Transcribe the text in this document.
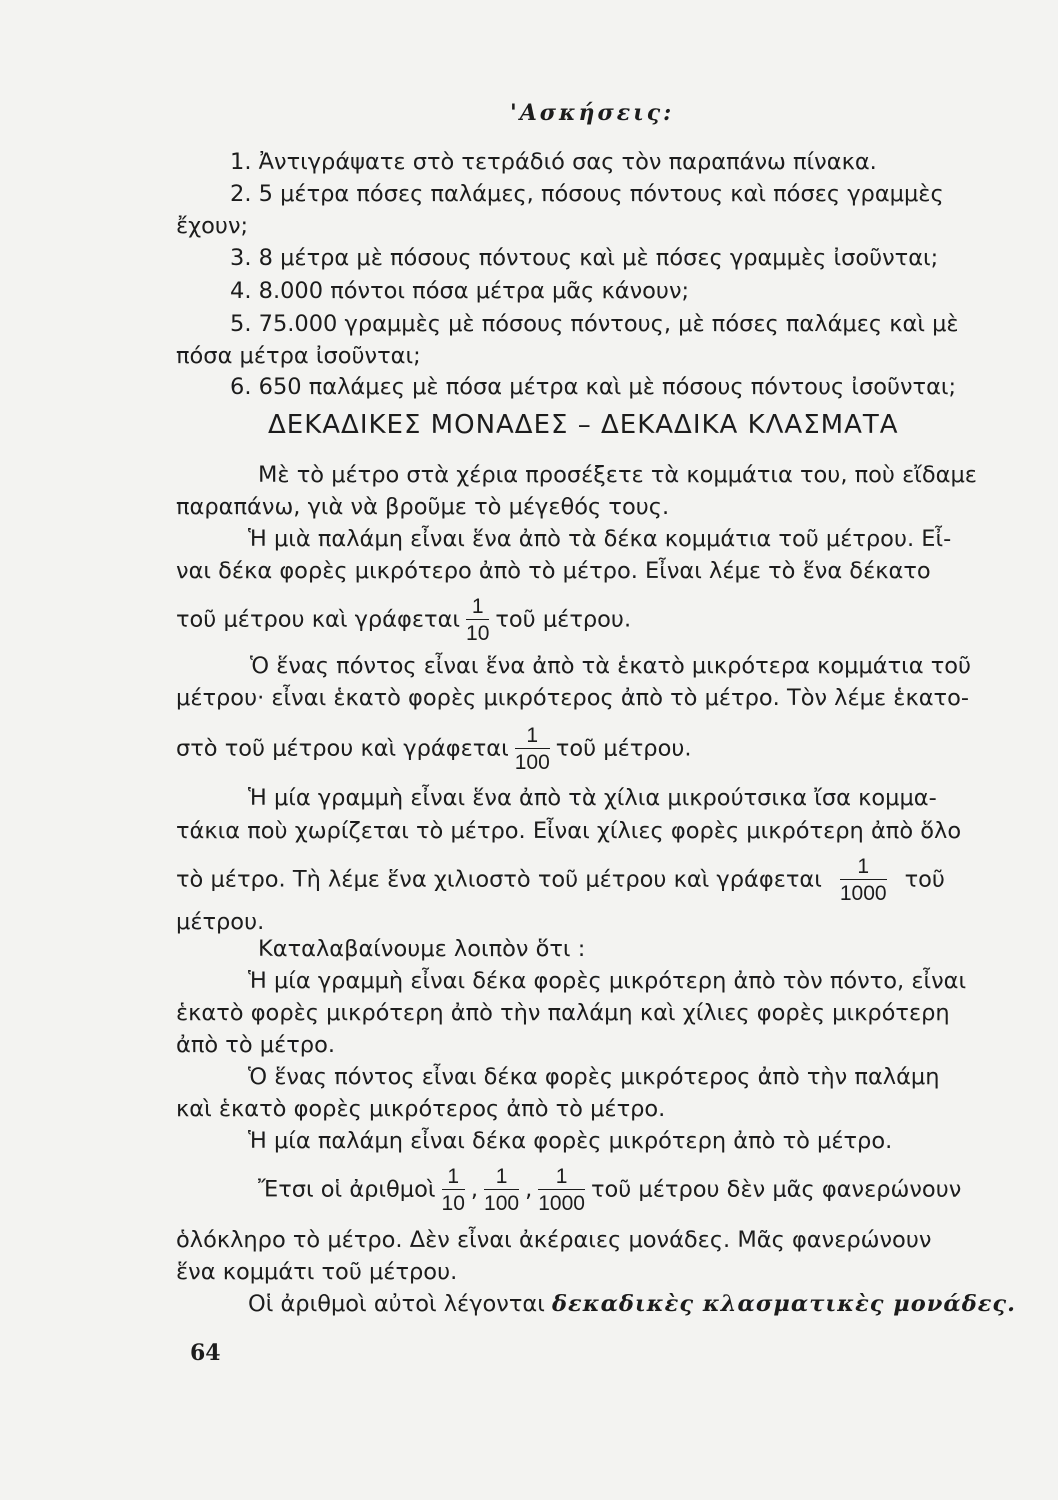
'Ασκήσεις:
1. Ἀντιγράψατε στὸ τετράδιό σας τὸν παραπάνω πίνακα.
2. 5 μέτρα πόσες παλάμες, πόσους πόντους καὶ πόσες γραμμὲς
ἔχουν;
3. 8 μέτρα μὲ πόσους πόντους καὶ μὲ πόσες γραμμὲς ἰσοῦνται;
4. 8.000 πόντοι πόσα μέτρα μᾶς κάνουν;
5. 75.000 γραμμὲς μὲ πόσους πόντους, μὲ πόσες παλάμες καὶ μὲ
πόσα μέτρα ἰσοῦνται;
6. 650 παλάμες μὲ πόσα μέτρα καὶ μὲ πόσους πόντους ἰσοῦνται;
ΔΕΚΑΔΙΚΕΣ ΜΟΝΑΔΕΣ – ΔΕΚΑΔΙΚΑ ΚΛΑΣΜΑΤΑ
Μὲ τὸ μέτρο στὰ χέρια προσέξετε τὰ κομμάτια του, ποὺ εἴδαμε
παραπάνω, γιὰ νὰ βροῦμε τὸ μέγεθός τους.
Ἡ μιὰ παλάμη εἶναι ἕνα ἀπὸ τὰ δέκα κομμάτια τοῦ μέτρου. Εἶ-
ναι δέκα φορὲς μικρότερο ἀπὸ τὸ μέτρο. Εἶναι λέμε τὸ ἕνα δέκατο
τοῦ μέτρου καὶ γράφεται $\frac{1}{10}$ τοῦ μέτρου.
Ὁ ἕνας πόντος εἶναι ἕνα ἀπὸ τὰ ἑκατὸ μικρότερα κομμάτια τοῦ
μέτρου· εἶναι ἑκατὸ φορὲς μικρότερος ἀπὸ τὸ μέτρο. Τὸν λέμε ἑκατο-
στὸ τοῦ μέτρου καὶ γράφεται $\frac{1}{100}$ τοῦ μέτρου.
Ἡ μία γραμμὴ εἶναι ἕνα ἀπὸ τὰ χίλια μικρούτσικα ἴσα κομμα-
τάκια ποὺ χωρίζεται τὸ μέτρο. Εἶναι χίλιες φορὲς μικρότερη ἀπὸ ὅλο
τὸ μέτρο. Τὴ λέμε ἕνα χιλιοστὸ τοῦ μέτρου καὶ γράφεται $\frac{1}{1000}$ τοῦ
μέτρου.
Καταλαβαίνουμε λοιπὸν ὅτι :
Ἡ μία γραμμὴ εἶναι δέκα φορὲς μικρότερη ἀπὸ τὸν πόντο, εἶναι
ἑκατὸ φορὲς μικρότερη ἀπὸ τὴν παλάμη καὶ χίλιες φορὲς μικρότερη
ἀπὸ τὸ μέτρο.
Ὁ ἕνας πόντος εἶναι δέκα φορὲς μικρότερος ἀπὸ τὴν παλάμη
καὶ ἑκατὸ φορὲς μικρότερος ἀπὸ τὸ μέτρο.
Ἡ μία παλάμη εἶναι δέκα φορὲς μικρότερη ἀπὸ τὸ μέτρο.
Ἔτσι οἱ ἀριθμοὶ $\frac{1}{10}$ , $\frac{1}{100}$ , $\frac{1}{1000}$ τοῦ μέτρου δὲν μᾶς φανερώνουν
ὁλόκληρο τὸ μέτρο. Δὲν εἶναι ἀκέραιες μονάδες. Μᾶς φανερώνουν
ἕνα κομμάτι τοῦ μέτρου.
Οἱ ἀριθμοὶ αὐτοὶ λέγονται δεκαδικὲς κλασματικὲς μονάδες.
64
